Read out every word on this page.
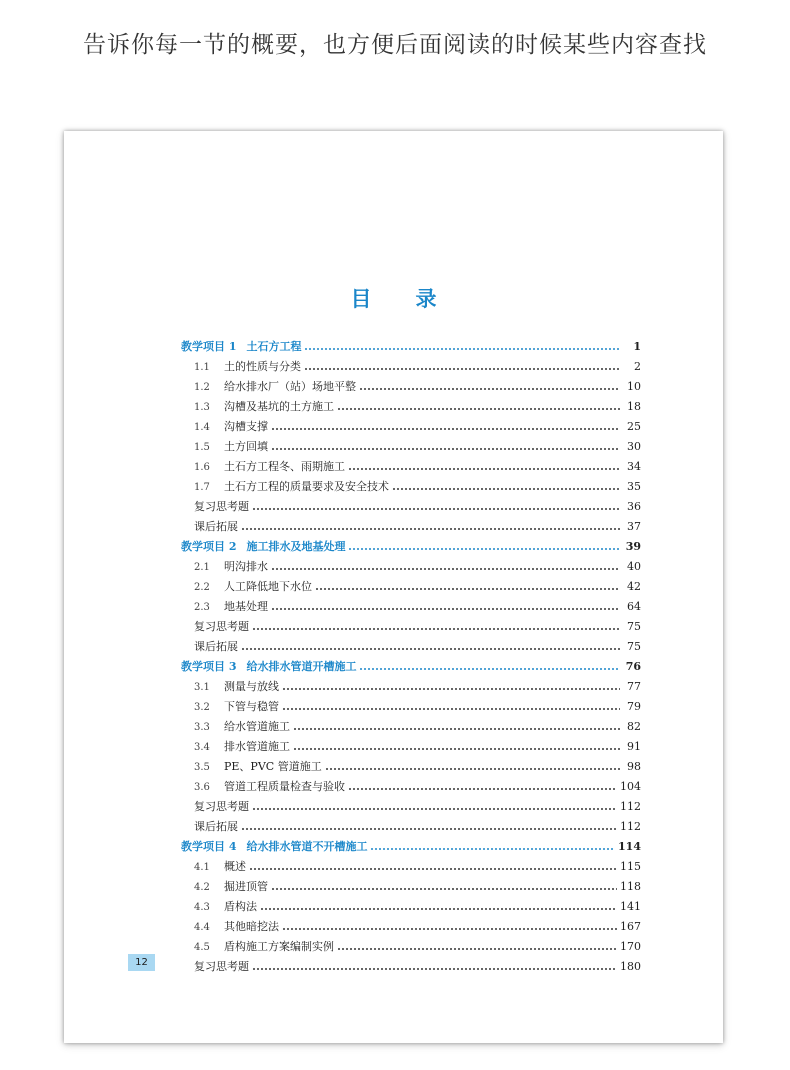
告诉你每一节的概要，也方便后面阅读的时候某些内容查找
目 录
教学项目 1 土石方工程	1
1.1	土的性质与分类	2
1.2	给水排水厂（站）场地平整	10
1.3	沟槽及基坑的土方施工	18
1.4	沟槽支撑	25
1.5	土方回填	30
1.6	土石方工程冬、雨期施工	34
1.7	土石方工程的质量要求及安全技术	35
复习思考题	36
课后拓展	37
教学项目 2 施工排水及地基处理	39
2.1	明沟排水	40
2.2	人工降低地下水位	42
2.3	地基处理	64
复习思考题	75
课后拓展	75
教学项目 3 给水排水管道开槽施工	76
3.1	测量与放线	77
3.2	下管与稳管	79
3.3	给水管道施工	82
3.4	排水管道施工	91
3.5	PE、PVC 管道施工	98
3.6	管道工程质量检查与验收	104
复习思考题	112
课后拓展	112
教学项目 4 给水排水管道不开槽施工	114
4.1	概述	115
4.2	掘进顶管	118
4.3	盾构法	141
4.4	其他暗挖法	167
4.5	盾构施工方案编制实例	170
复习思考题	180
12
